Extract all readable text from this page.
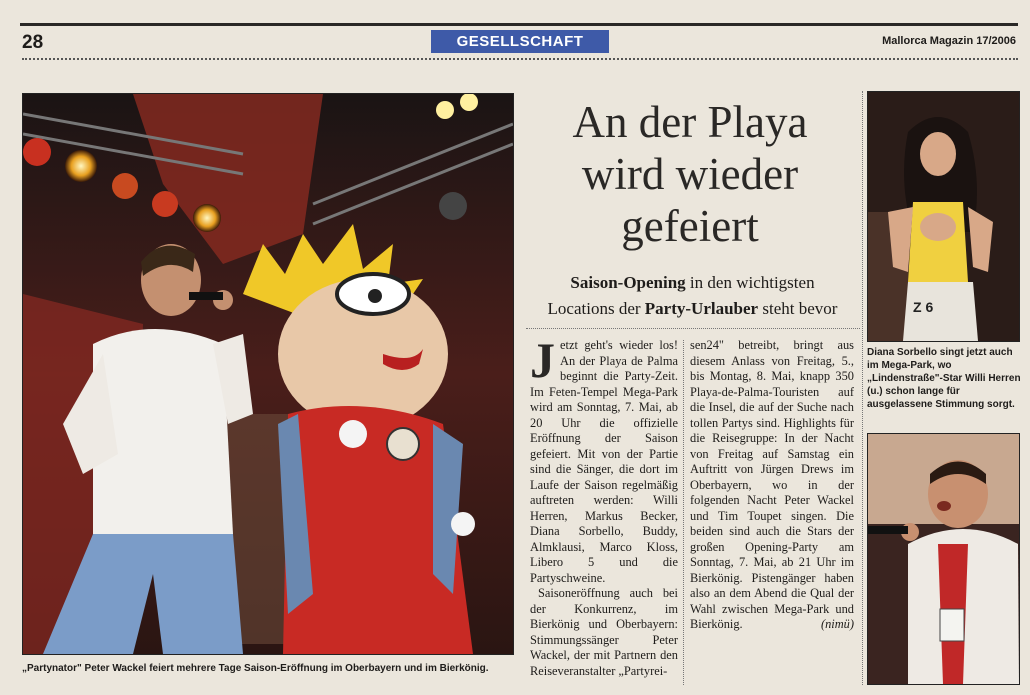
28	GESELLSCHAFT	Mallorca Magazin 17/2006
„Partynator" Peter Wackel feiert mehrere Tage Saison-Eröffnung im Oberbayern und im Bierkönig.
An der Playa
wird wieder
gefeiert
Saison-Opening in den wichtigsten
Locations der Party-Urlauber steht bevor

Jetzt geht's wieder los! An der Playa de Palma beginnt die Party-Zeit. Im Feten-Tempel Mega-Park wird am Sonntag, 7. Mai, ab 20 Uhr die offizielle Eröffnung der Saison gefeiert. Mit von der Partie sind die Sänger, die dort im Laufe der Saison regelmäßig auftreten werden: Willi Herren, Markus Becker, Diana Sorbello, Buddy, Almklausi, Marco Kloss, Libero 5 und die Partyschweine.

Saisoneröffnung auch bei der Konkurrenz, im Bierkönig und Oberbayern: Stimmungssänger Peter Wackel, der mit Partnern den Reiseveranstalter „Partyrei-

sen24" betreibt, bringt aus diesem Anlass von Freitag, 5., bis Montag, 8. Mai, knapp 350 Playa-de-Palma-Touristen auf die Insel, die auf der Suche nach tollen Partys sind. Highlights für die Reisegruppe: In der Nacht von Freitag auf Samstag ein Auftritt von Jürgen Drews im Oberbayern, wo in der folgenden Nacht Peter Wackel und Tim Toupet singen. Die beiden sind auch die Stars der großen Opening-Party am Sonntag, 7. Mai, ab 21 Uhr im Bierkönig. Pistengänger haben also an dem Abend die Qual der Wahl zwischen Mega-Park und Bierkönig.	(nimü)

Z 6
Diana Sorbello singt jetzt auch im Mega-Park, wo „Lindenstraße"-Star Willi Herren (u.) schon lange für ausgelassene Stimmung sorgt.
